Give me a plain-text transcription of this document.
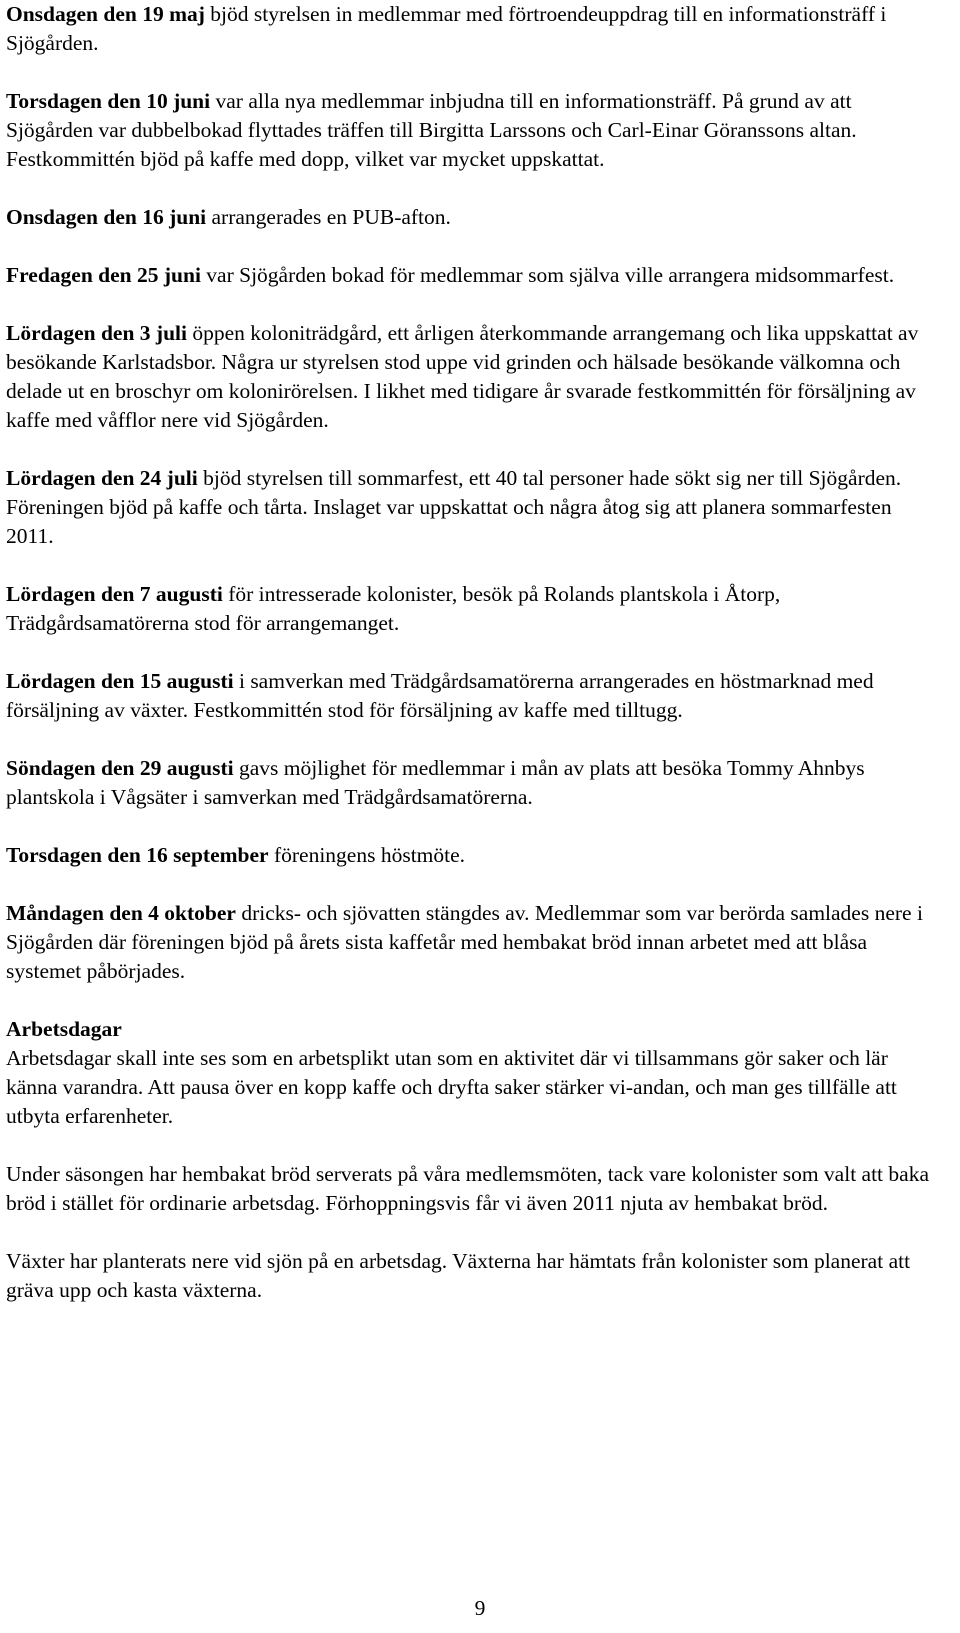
Onsdagen den 19 maj bjöd styrelsen in medlemmar med förtroendeuppdrag till en informationsträff i Sjögården.

Torsdagen den 10 juni var alla nya medlemmar inbjudna till en informationsträff. På grund av att Sjögården var dubbelbokad flyttades träffen till Birgitta Larssons och Carl-Einar Göranssons altan. Festkommittén bjöd på kaffe med dopp, vilket var mycket uppskattat.

Onsdagen den 16 juni arrangerades en PUB-afton.

Fredagen den 25 juni var Sjögården bokad för medlemmar som själva ville arrangera midsommarfest.

Lördagen den 3 juli öppen koloniträdgård, ett årligen återkommande arrangemang och lika uppskattat av besökande Karlstadsbor. Några ur styrelsen stod uppe vid grinden och hälsade besökande välkomna och delade ut en broschyr om kolonirörelsen. I likhet med tidigare år svarade festkommittén för försäljning av kaffe med våfflor nere vid Sjögården.

Lördagen den 24 juli bjöd styrelsen till sommarfest, ett 40 tal personer hade sökt sig ner till Sjögården. Föreningen bjöd på kaffe och tårta. Inslaget var uppskattat och några åtog sig att planera sommarfesten 2011.

Lördagen den 7 augusti för intresserade kolonister, besök på Rolands plantskola i Åtorp, Trädgårdsamatörerna stod för arrangemanget.

Lördagen den 15 augusti i samverkan med Trädgårdsamatörerna arrangerades en höstmarknad med försäljning av växter. Festkommittén stod för försäljning av kaffe med tilltugg.

Söndagen den 29 augusti gavs möjlighet för medlemmar i mån av plats att besöka Tommy Ahnbys plantskola i Vågsäter i samverkan med Trädgårdsamatörerna.

Torsdagen den 16 september föreningens höstmöte.

Måndagen den 4 oktober dricks- och sjövatten stängdes av. Medlemmar som var berörda samlades nere i Sjögården där föreningen bjöd på årets sista kaffetår med hembakat bröd innan arbetet med att blåsa systemet påbörjades.

Arbetsdagar
Arbetsdagar skall inte ses som en arbetsplikt utan som en aktivitet där vi tillsammans gör saker och lär känna varandra. Att pausa över en kopp kaffe och dryfta saker stärker vi-andan, och man ges tillfälle att utbyta erfarenheter.

Under säsongen har hembakat bröd serverats på våra medlemsmöten, tack vare kolonister som valt att baka bröd i stället för ordinarie arbetsdag. Förhoppningsvis får vi även 2011 njuta av hembakat bröd.

Växter har planterats nere vid sjön på en arbetsdag. Växterna har hämtats från kolonister som planerat att gräva upp och kasta växterna.

9
